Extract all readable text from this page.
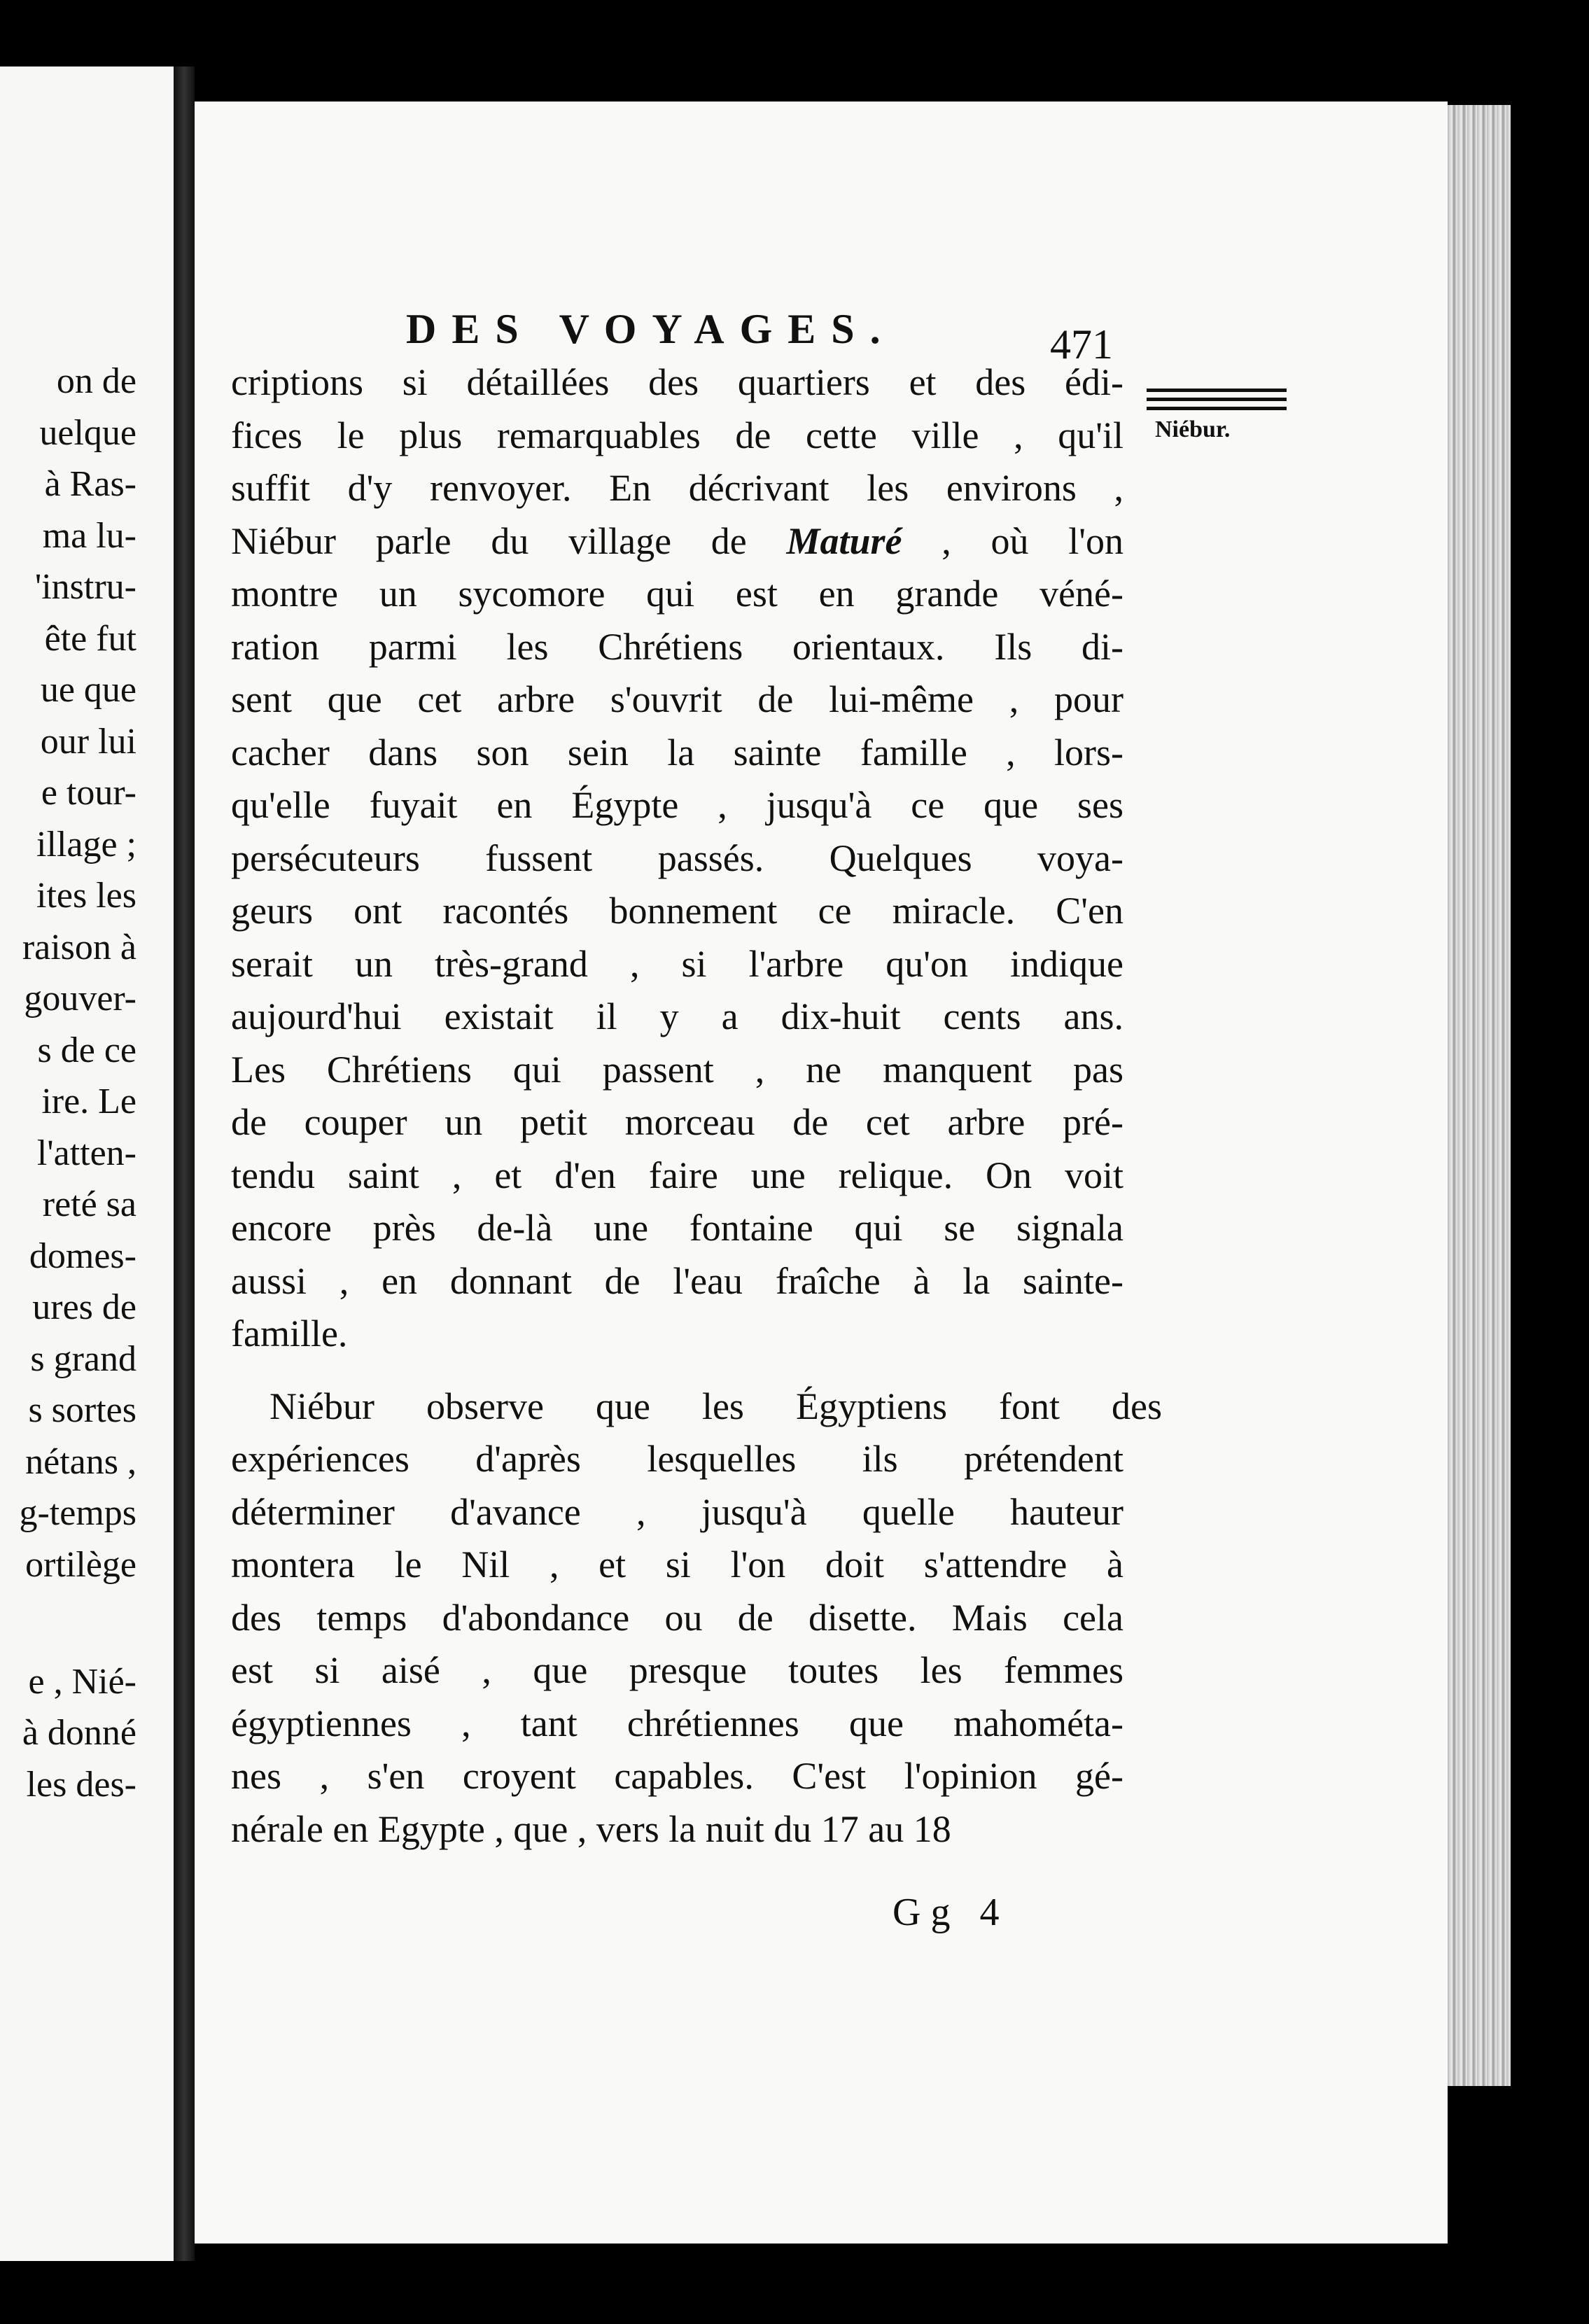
DES VOYAGES.	471
Niébur.
criptions si détaillées des quartiers et des édi-
fices le plus remarquables de cette ville , qu'il
suffit d'y renvoyer. En décrivant les environs ,
Niébur parle du village de Maturé , où l'on
montre un sycomore qui est en grande véné-
ration parmi les Chrétiens orientaux. Ils di-
sent que cet arbre s'ouvrit de lui-même , pour
cacher dans son sein la sainte famille , lors-
qu'elle fuyait en Égypte , jusqu'à ce que ses
persécuteurs fussent passés. Quelques voya-
geurs ont racontés bonnement ce miracle. C'en
serait un très-grand , si l'arbre qu'on indique
aujourd'hui existait il y a dix-huit cents ans.
Les Chrétiens qui passent , ne manquent pas
de couper un petit morceau de cet arbre pré-
tendu saint , et d'en faire une relique. On voit
encore près de-là une fontaine qui se signala
aussi , en donnant de l'eau fraîche à la sainte-
famille.
Niébur observe que les Égyptiens font des
expériences d'après lesquelles ils prétendent
déterminer d'avance , jusqu'à quelle hauteur
montera le Nil , et si l'on doit s'attendre à
des temps d'abondance ou de disette. Mais cela
est si aisé , que presque toutes les femmes
égyptiennes , tant chrétiennes que mahométa-
nes , s'en croyent capables. C'est l'opinion gé-
nérale en Egypte , que , vers la nuit du 17 au 18
on de
uelque
à Ras-
ma lu-
'instru-
ête fut
ue que
our lui
e tour-
illage ;
ites les
raison à
gouver-
s de ce
ire. Le
l'atten-
reté sa
domes-
ures de
s grand
s sortes
nétans ,
g-temps
ortilège
e , Nié-
à donné
les des-
Gg 4
